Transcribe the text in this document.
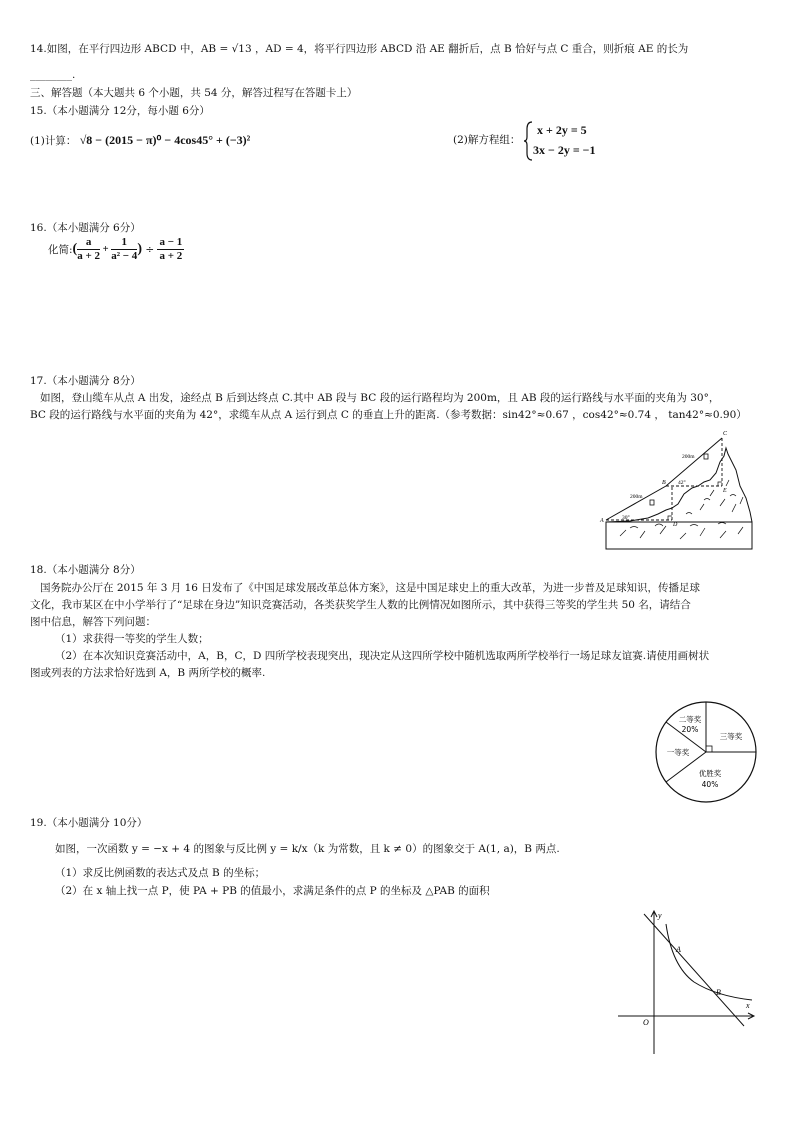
14.如图，在平行四边形 ABCD 中，AB = √13 ，AD = 4，将平行四边形 ABCD 沿 AE 翻折后，点 B 恰好与点 C 重合，则折痕 AE 的长为
________.
三、解答题（本大题共 6 个小题，共 54 分，解答过程写在答题卡上）
15.（本小题满分 12分，每小题 6分）
(1)计算： √8 − (2015 − π)⁰ − 4cos45° + (−3)²	(2)解方程组：
x + 2y = 5
3x − 2y = −1
16.（本小题满分 6分）
化简:( $\frac{a}{a + 2} + \frac{1}{\text{a² − 4}}$ ) ÷ $\frac{a - 1}{a + 2}$
17.（本小题满分 8分）
如图，登山缆车从点 A 出发，途经点 B 后到达终点 C.其中 AB 段与 BC 段的运行路程均为 200m，且 AB 段的运行路线与水平面的夹角为 30°，
BC 段的运行路线与水平面的夹角为 42°，求缆车从点 A 运行到点 C 的垂直上升的距离.（参考数据：sin42°≈0.67 ，cos42°≈0.74 ， tan42°≈0.90）
C
B
A
D
E
200m
200m
30°
42°
18.（本小题满分 8分）
国务院办公厅在 2015 年 3 月 16 日发布了《中国足球发展改革总体方案》，这是中国足球史上的重大改革，为进一步普及足球知识，传播足球
文化，我市某区在中小学举行了“足球在身边”知识竞赛活动，各类获奖学生人数的比例情况如图所示，其中获得三等奖的学生共 50 名，请结合
图中信息，解答下列问题：
（1）求获得一等奖的学生人数；
（2）在本次知识竞赛活动中，A，B，C，D 四所学校表现突出，现决定从这四所学校中随机选取两所学校举行一场足球友谊赛.请使用画树状
图或列表的方法求恰好选到 A，B 两所学校的概率.
二等奖
20%
三等奖
一等奖
优胜奖
40%
19.（本小题满分 10分）
如图，一次函数 y = −x + 4 的图象与反比例 y = k/x（k 为常数，且 k ≠ 0）的图象交于 A(1, a)，B 两点.
（1）求反比例函数的表达式及点 B 的坐标；
（2）在 x 轴上找一点 P，使 PA + PB 的值最小，求满足条件的点 P 的坐标及 △PAB 的面积
y
x
O
A
B
